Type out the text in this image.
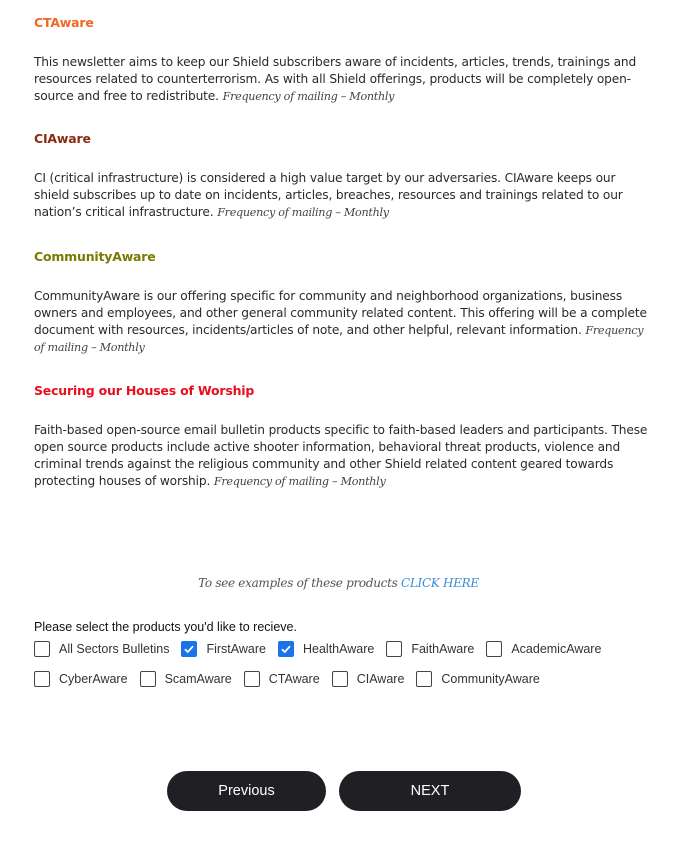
CTAware

This newsletter aims to keep our Shield subscribers aware of incidents, articles, trends, trainings and resources related to counterterrorism. As with all Shield offerings, products will be completely open-source and free to redistribute. Frequency of mailing – Monthly

CIAware

CI (critical infrastructure) is considered a high value target by our adversaries. CIAware keeps our shield subscribes up to date on incidents, articles, breaches, resources and trainings related to our nation’s critical infrastructure. Frequency of mailing – Monthly

CommunityAware

CommunityAware is our offering specific for community and neighborhood organizations, business owners and employees, and other general community related content. This offering will be a complete document with resources, incidents/articles of note, and other helpful, relevant information. Frequency of mailing – Monthly

Securing our Houses of Worship

Faith-based open-source email bulletin products specific to faith-based leaders and participants. These open source products include active shooter information, behavioral threat products, violence and criminal trends against the religious community and other Shield related content geared towards protecting houses of worship. Frequency of mailing – Monthly

To see examples of these products CLICK HERE
Please select the products you'd like to recieve.
All Sectors Bulletins	FirstAware	HealthAware	FaithAware	AcademicAware
CyberAware	ScamAware	CTAware	CIAware	CommunityAware
Previous	NEXT
